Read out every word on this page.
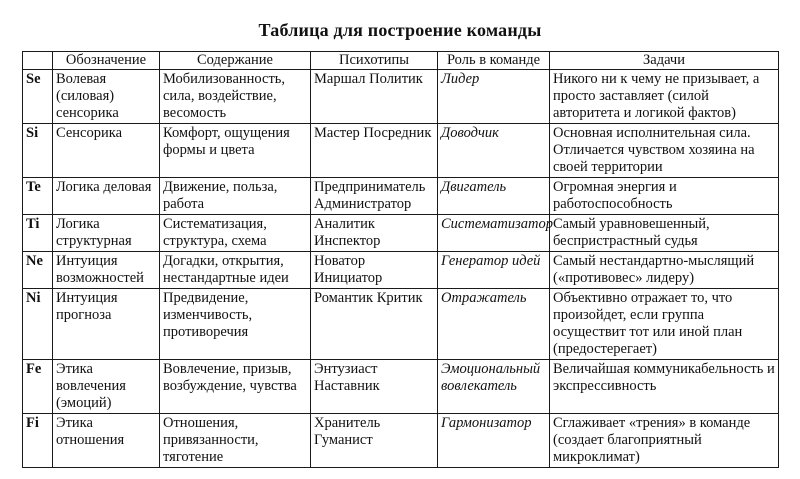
Таблица для построение команды
	Обозначение	Содержание	Психотипы	Роль в команде	Задачи
Se	Волевая (силовая) сенсорика	Мобилизованность, сила, воздействие, весомость	Маршал Политик	Лидер	Никого ни к чему не призывает, а просто заставляет (силой авторитета и логикой фактов)
Si	Сенсорика	Комфорт, ощущения формы и цвета	Мастер Посредник	Доводчик	Основная исполнительная сила. Отличается чувством хозяина на своей территории
Te	Логика деловая	Движение, польза, работа	Предприниматель Администратор	Двигатель	Огромная энергия и работоспособность
Ti	Логика структурная	Систематизация, структура, схема	Аналитик Инспектор	Систематизатор	Самый уравновешенный, беспристрастный судья
Ne	Интуиция возможностей	Догадки, открытия, нестандартные идеи	Новатор Инициатор	Генератор идей	Самый нестандартно-мыслящий («противовес» лидеру)
Ni	Интуиция прогноза	Предвидение, изменчивость, противоречия	Романтик Критик	Отражатель	Объективно отражает то, что произойдет, если группа осуществит тот или иной план (предостерегает)
Fe	Этика вовлечения (эмоций)	Вовлечение, призыв, возбуждение, чувства	Энтузиаст Наставник	Эмоциональный вовлекатель	Величайшая коммуникабельность и экспрессивность
Fi	Этика отношения	Отношения, привязанности, тяготение	Хранитель Гуманист	Гармонизатор	Сглаживает «трения» в команде (создает благоприятный микроклимат)
